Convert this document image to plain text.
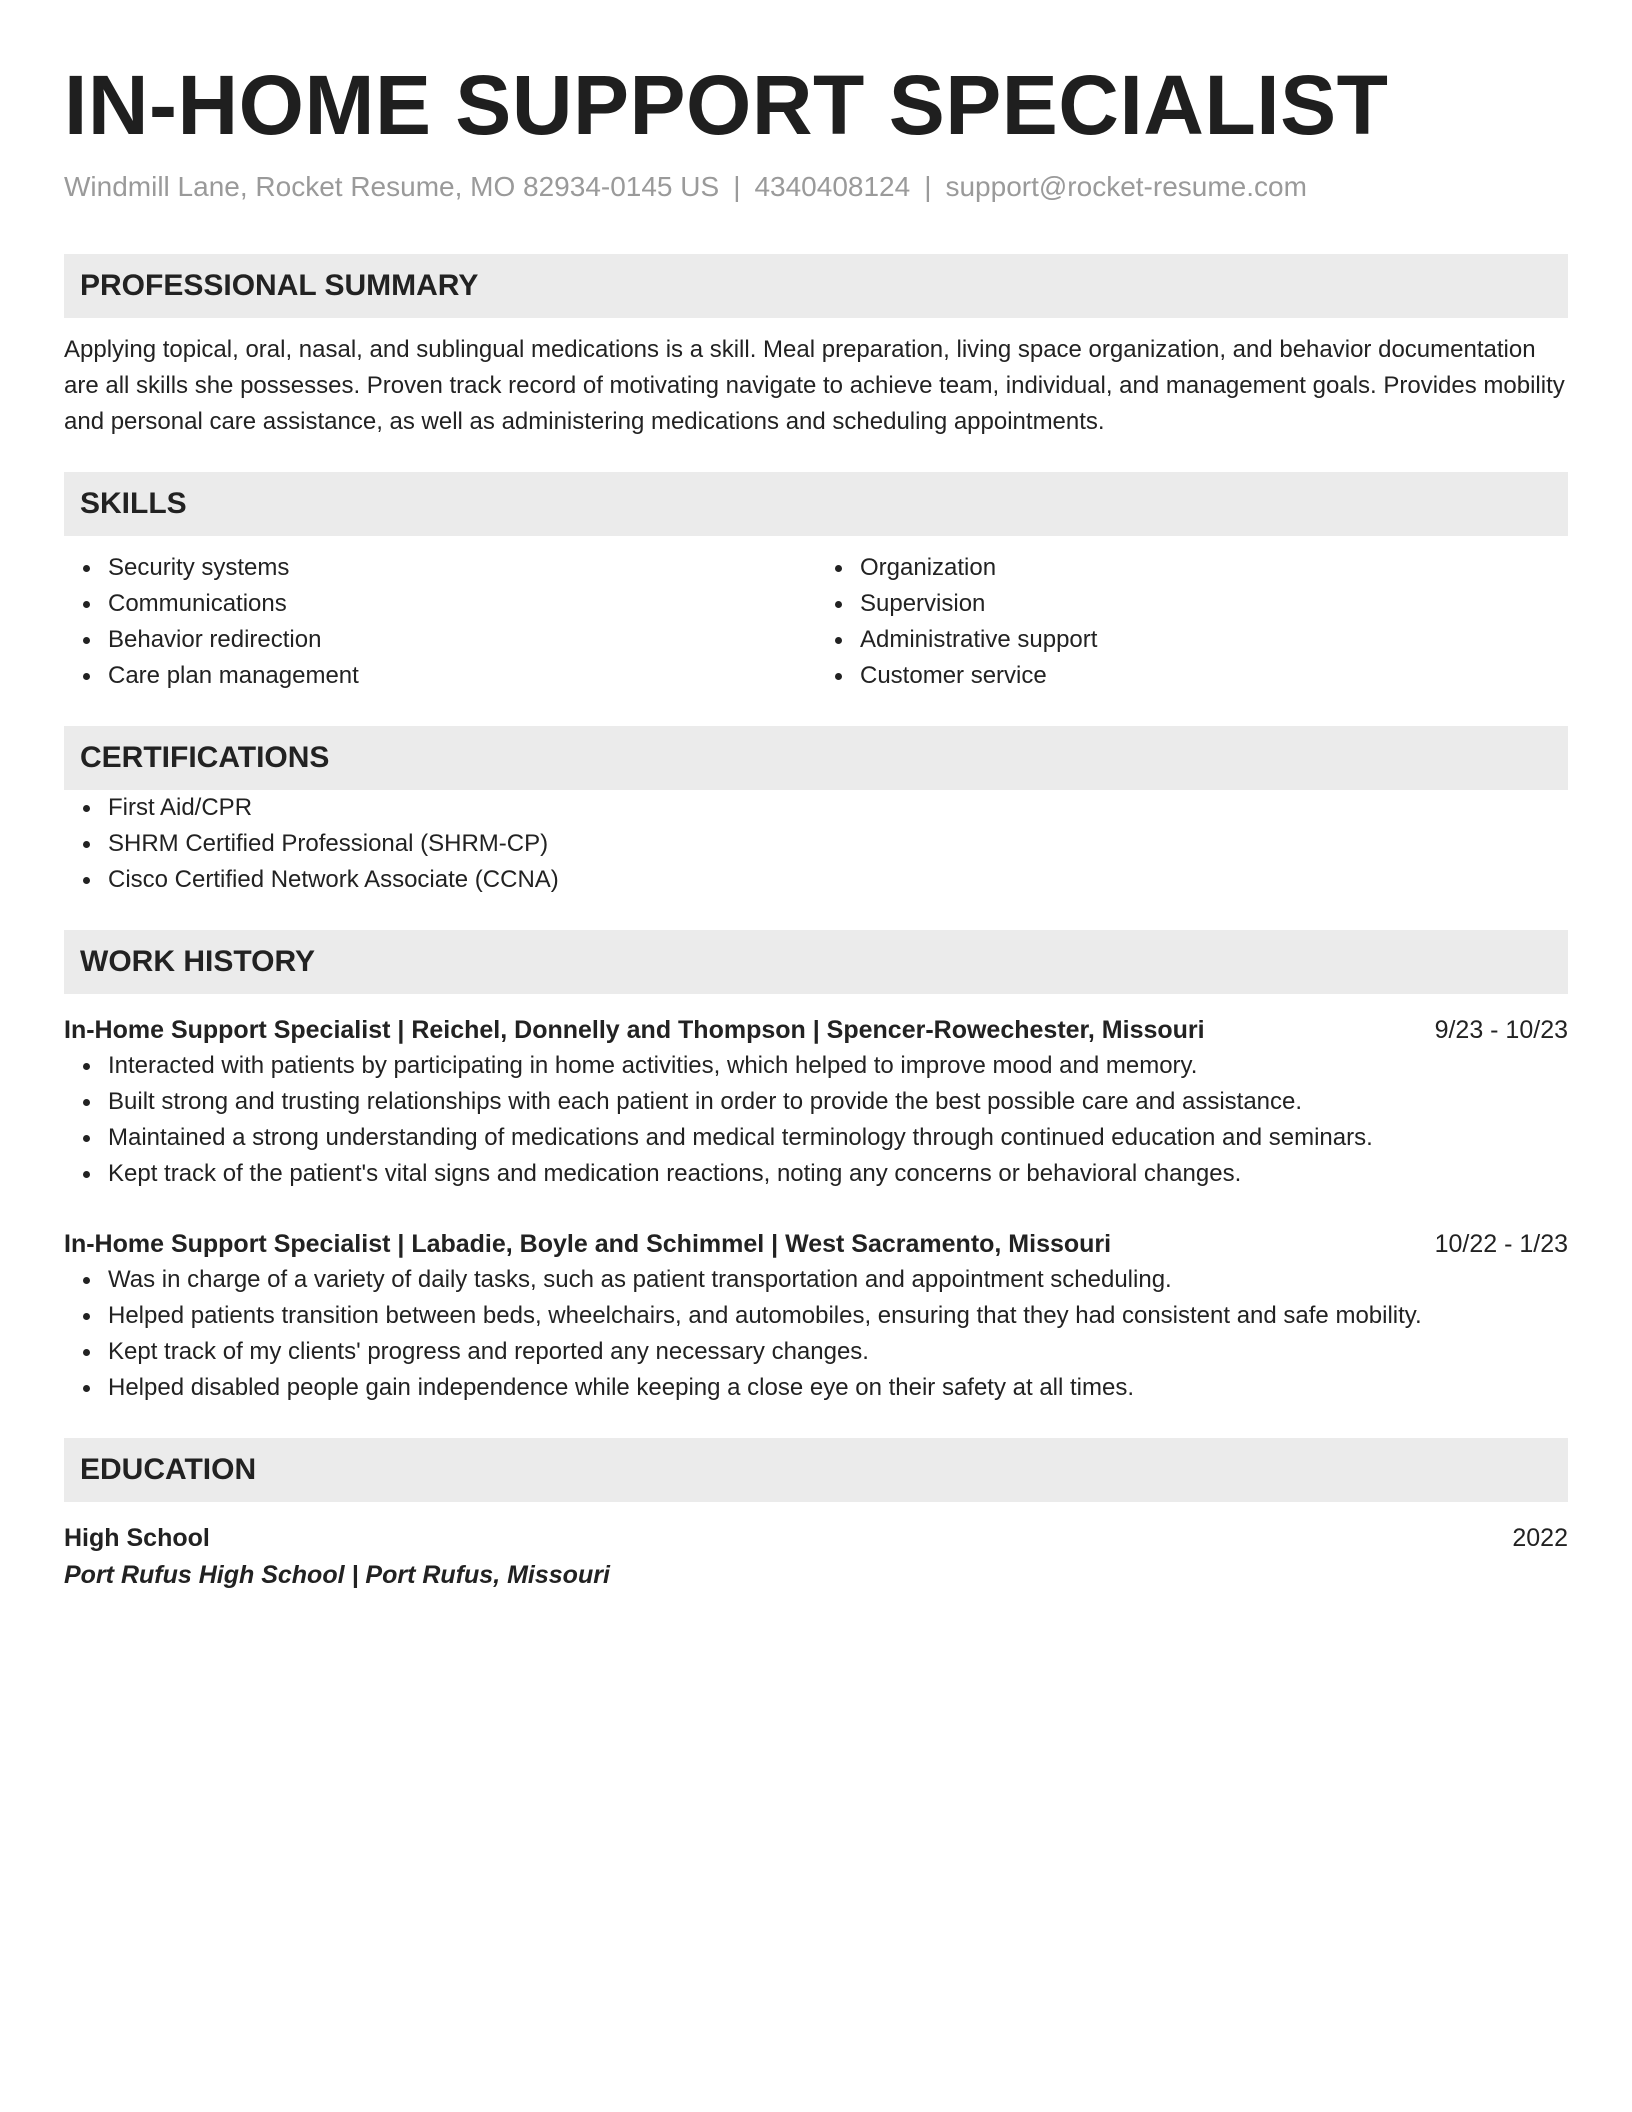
IN-HOME SUPPORT SPECIALIST
Windmill Lane, Rocket Resume, MO 82934-0145 US | 4340408124 | support@rocket-resume.com
PROFESSIONAL SUMMARY

Applying topical, oral, nasal, and sublingual medications is a skill. Meal preparation, living space organization, and behavior documentation are all skills she possesses. Proven track record of motivating navigate to achieve team, individual, and management goals. Provides mobility and personal care assistance, as well as administering medications and scheduling appointments.

SKILLS
Security systems
Communications
Behavior redirection
Care plan management
Organization
Supervision
Administrative support
Customer service
CERTIFICATIONS
First Aid/CPR
SHRM Certified Professional (SHRM-CP)
Cisco Certified Network Associate (CCNA)
WORK HISTORY
In-Home Support Specialist | Reichel, Donnelly and Thompson | Spencer-Rowechester, Missouri	9/23 - 10/23
Interacted with patients by participating in home activities, which helped to improve mood and memory.
Built strong and trusting relationships with each patient in order to provide the best possible care and assistance.
Maintained a strong understanding of medications and medical terminology through continued education and seminars.
Kept track of the patient's vital signs and medication reactions, noting any concerns or behavioral changes.
In-Home Support Specialist | Labadie, Boyle and Schimmel | West Sacramento, Missouri	10/22 - 1/23
Was in charge of a variety of daily tasks, such as patient transportation and appointment scheduling.
Helped patients transition between beds, wheelchairs, and automobiles, ensuring that they had consistent and safe mobility.
Kept track of my clients' progress and reported any necessary changes.
Helped disabled people gain independence while keeping a close eye on their safety at all times.
EDUCATION
High School	2022
Port Rufus High School | Port Rufus, Missouri
